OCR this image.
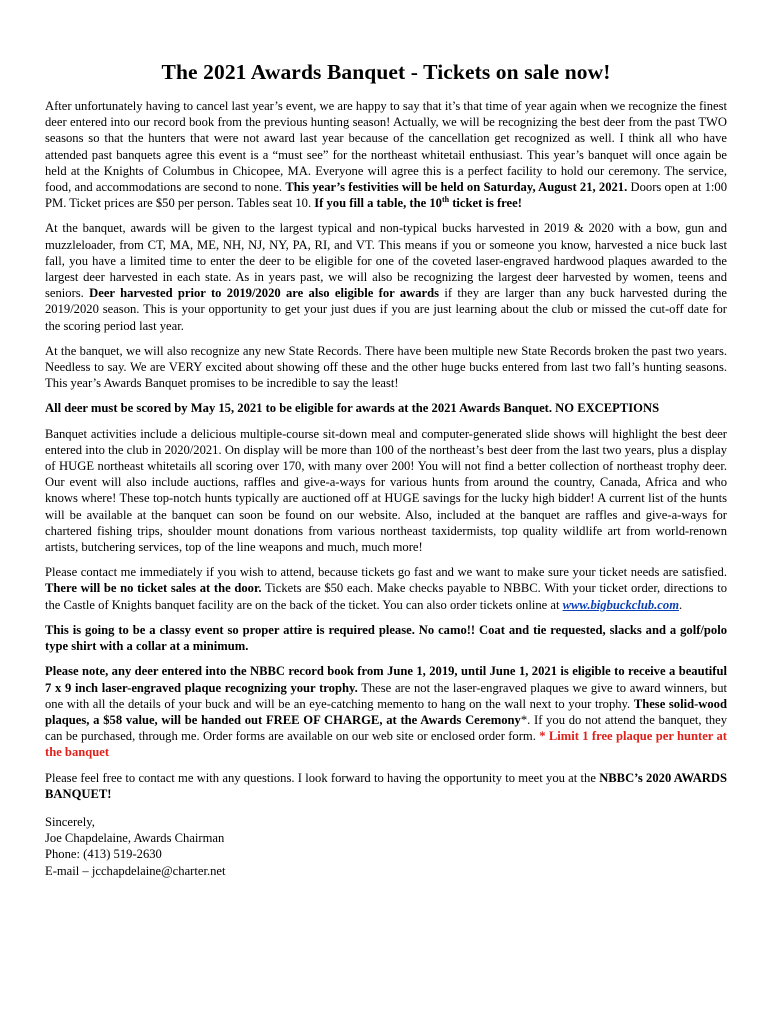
The 2021 Awards Banquet - Tickets on sale now!

After unfortunately having to cancel last year’s event, we are happy to say that it’s that time of year again when we recognize the finest deer entered into our record book from the previous hunting season! Actually, we will be recognizing the best deer from the past TWO seasons so that the hunters that were not award last year because of the cancellation get recognized as well. I think all who have attended past banquets agree this event is a “must see” for the northeast whitetail enthusiast. This year’s banquet will once again be held at the Knights of Columbus in Chicopee, MA. Everyone will agree this is a perfect facility to hold our ceremony. The service, food, and accommodations are second to none. This year’s festivities will be held on Saturday, August 21, 2021. Doors open at 1:00 PM. Ticket prices are $50 per person. Tables seat 10. If you fill a table, the 10th ticket is free!

At the banquet, awards will be given to the largest typical and non-typical bucks harvested in 2019 & 2020 with a bow, gun and muzzleloader, from CT, MA, ME, NH, NJ, NY, PA, RI, and VT. This means if you or someone you know, harvested a nice buck last fall, you have a limited time to enter the deer to be eligible for one of the coveted laser-engraved hardwood plaques awarded to the largest deer harvested in each state. As in years past, we will also be recognizing the largest deer harvested by women, teens and seniors. Deer harvested prior to 2019/2020 are also eligible for awards if they are larger than any buck harvested during the 2019/2020 season. This is your opportunity to get your just dues if you are just learning about the club or missed the cut-off date for the scoring period last year.

At the banquet, we will also recognize any new State Records. There have been multiple new State Records broken the past two years. Needless to say. We are VERY excited about showing off these and the other huge bucks entered from last two fall’s hunting seasons. This year’s Awards Banquet promises to be incredible to say the least!

All deer must be scored by May 15, 2021 to be eligible for awards at the 2021 Awards Banquet. NO EXCEPTIONS

Banquet activities include a delicious multiple-course sit-down meal and computer-generated slide shows will highlight the best deer entered into the club in 2020/2021. On display will be more than 100 of the northeast’s best deer from the last two years, plus a display of HUGE northeast whitetails all scoring over 170, with many over 200! You will not find a better collection of northeast trophy deer. Our event will also include auctions, raffles and give-a-ways for various hunts from around the country, Canada, Africa and who knows where! These top-notch hunts typically are auctioned off at HUGE savings for the lucky high bidder! A current list of the hunts will be available at the banquet can soon be found on our website. Also, included at the banquet are raffles and give-a-ways for chartered fishing trips, shoulder mount donations from various northeast taxidermists, top quality wildlife art from world-renown artists, butchering services, top of the line weapons and much, much more!

Please contact me immediately if you wish to attend, because tickets go fast and we want to make sure your ticket needs are satisfied. There will be no ticket sales at the door. Tickets are $50 each. Make checks payable to NBBC. With your ticket order, directions to the Castle of Knights banquet facility are on the back of the ticket. You can also order tickets online at www.bigbuckclub.com.

This is going to be a classy event so proper attire is required please. No camo!! Coat and tie requested, slacks and a golf/polo type shirt with a collar at a minimum.

Please note, any deer entered into the NBBC record book from June 1, 2019, until June 1, 2021 is eligible to receive a beautiful 7 x 9 inch laser-engraved plaque recognizing your trophy. These are not the laser-engraved plaques we give to award winners, but one with all the details of your buck and will be an eye-catching memento to hang on the wall next to your trophy. These solid-wood plaques, a $58 value, will be handed out FREE OF CHARGE, at the Awards Ceremony*. If you do not attend the banquet, they can be purchased, through me. Order forms are available on our web site or enclosed order form. * Limit 1 free plaque per hunter at the banquet

Please feel free to contact me with any questions. I look forward to having the opportunity to meet you at the NBBC’s 2020 AWARDS BANQUET!

Sincerely,

Joe Chapdelaine, Awards Chairman

Phone: (413) 519-2630

E-mail – jcchapdelaine@charter.net
